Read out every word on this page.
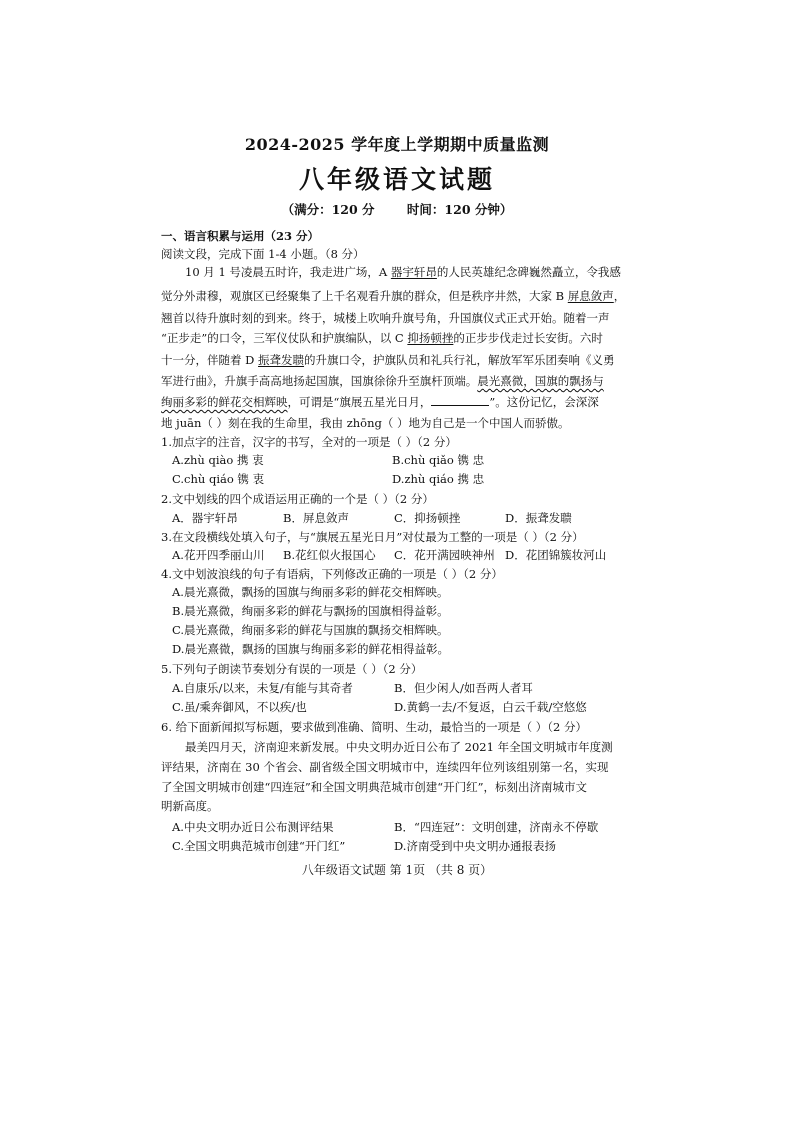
2024-2025 学年度上学期期中质量监测
八年级语文试题
（满分：120 分	时间：120 分钟）
一、语言积累与运用（23 分）
阅读文段，完成下面 1-4 小题。（8 分）
10 月 1 号凌晨五时许，我走进广场，A 器宇轩昂的人民英雄纪念碑巍然矗立，令我感
觉分外肃穆，观旗区已经聚集了上千名观看升旗的群众，但是秩序井然，大家 B 屏息敛声，
翘首以待升旗时刻的到来。终于，城楼上吹响升旗号角，升国旗仪式正式开始。随着一声
“正步走”的口令，三军仪仗队和护旗编队，以 C 抑扬顿挫的正步步伐走过长安街。六时
十一分，伴随着 D 振聋发聩的升旗口令，护旗队员和礼兵行礼，解放军军乐团奏响《义勇
军进行曲》，升旗手高高地扬起国旗，国旗徐徐升至旗杆顶端。晨光熹微，国旗的飘扬与
绚丽多彩的鲜花交相辉映，可谓是“旗展五星光日月，	”。这份记忆，会深深
地 juān（ ）刻在我的生命里，我由 zhōng（ ）地为自己是一个中国人而骄傲。
1.加点字的注音，汉字的书写，全对的一项是（ ）（2 分）
A.zhù qiào 携 衷	B.chù qiǎo 镌 忠
C.chù qiáo 镌 衷	D.zhù qiáo 携 忠
2.文中划线的四个成语运用正确的一个是（ ）（2 分）
A．器宇轩昂	B．屏息敛声	C．抑扬顿挫	D．振聋发聩
3.在文段横线处填入句子，与“旗展五星光日月”对仗最为工整的一项是（ ）（2 分）
A.花开四季丽山川 B.花红似火报国心 C．花开满园映神州 D．花团锦簇妆河山
4.文中划波浪线的句子有语病，下列修改正确的一项是（ ）（2 分）
A.晨光熹微，飘扬的国旗与绚丽多彩的鲜花交相辉映。
B.晨光熹微，绚丽多彩的鲜花与飘扬的国旗相得益彰。
C.晨光熹微，绚丽多彩的鲜花与国旗的飘扬交相辉映。
D.晨光熹微，飘扬的国旗与绚丽多彩的鲜花相得益彰。
5.下列句子朗读节奏划分有误的一项是（ ）（2 分）
A.自康乐/以来，未复/有能与其奇者	B．但少闲人/如吾两人者耳
C.虽/乘奔御风，不以疾/也	D.黄鹤一去/不复返，白云千载/空悠悠
6. 给下面新闻拟写标题，要求做到准确、简明、生动，最恰当的一项是（ ）（2 分）
最美四月天，济南迎来新发展。中央文明办近日公布了 2021 年全国文明城市年度测
评结果，济南在 30 个省会、副省级全国文明城市中，连续四年位列该组别第一名，实现
了全国文明城市创建“四连冠”和全国文明典范城市创建“开门红”，标刻出济南城市文
明新高度。
A.中央文明办近日公布测评结果	B．“四连冠”：文明创建，济南永不停歇
C.全国文明典范城市创建“开门红”	D.济南受到中央文明办通报表扬
八年级语文试题 第 1页 （共 8 页）
